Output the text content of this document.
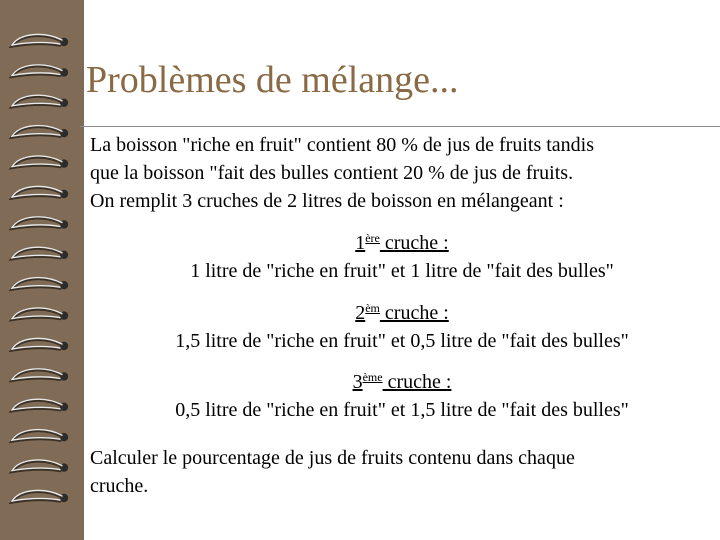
Problèmes de mélange...
La boisson "riche en fruit" contient 80 % de jus de fruits tandis
que la boisson "fait des bulles contient 20 % de jus de fruits.
On remplit 3 cruches de 2 litres de boisson en mélangeant :
1ère cruche :
1 litre de "riche en fruit" et 1 litre de "fait des bulles"
$2^{èm}$ cruche :
1,5 litre de "riche en fruit" et 0,5 litre de "fait des bulles"
3ème cruche :
0,5 litre de "riche en fruit" et 1,5 litre de "fait des bulles"
Calculer le pourcentage de jus de fruits contenu dans chaque
cruche.
